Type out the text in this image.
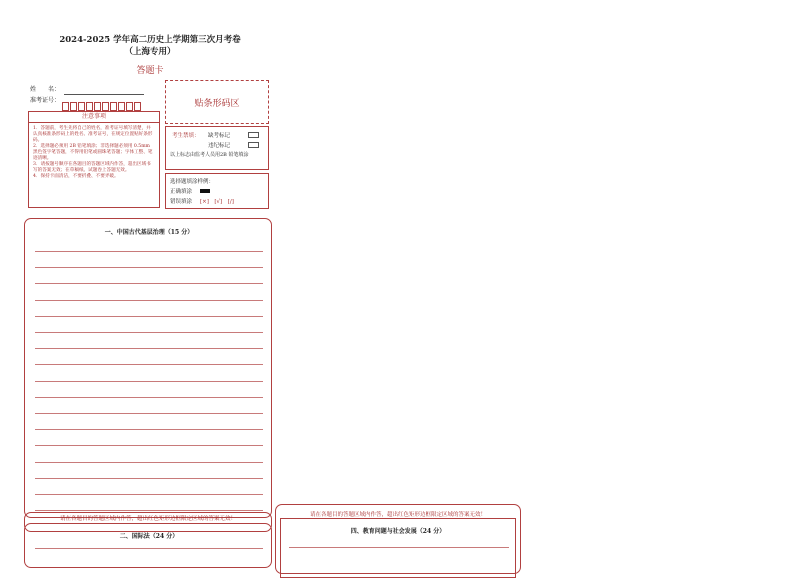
2024-2025 学年高二历史上学期第三次月考卷
（上海专用）
答题卡
姓　　名：
准考证号：	贴条形码区
注意事项
1．答题前，考生先将自己的姓名，准考证号填写清楚，并认真核准条形码上的姓名、准考证号，在规定位置贴好条形码。
2．选择题必须用 2B 铅笔填涂；非选择题必须用 0.5mm 黑色签字笔答题，不得用铅笔或圆珠笔答题；字体工整、笔迹清晰。
3．请按题号顺序在各题目的答题区域内作答，超出区域书写的答案无效；在草稿纸、试题卷上答题无效。
4．保持卡面清洁，不要折叠、不要弄破。
考生禁填： 缺考标记
违纪标记
以上标志由监考人员用2B 铅笔填涂
选择题填涂样例：
正确填涂
错误填涂 [×]　[√]　[/]
一、中国古代基层治理（15 分）
请在各题目的答题区域内作答，超出红色矩形边框限定区域的答案无效！
二、国际法（24 分）
请在各题目的答题区域内作答，超出红色矩形边框限定区域的答案无效！
四、教育问题与社会发展（24 分）
